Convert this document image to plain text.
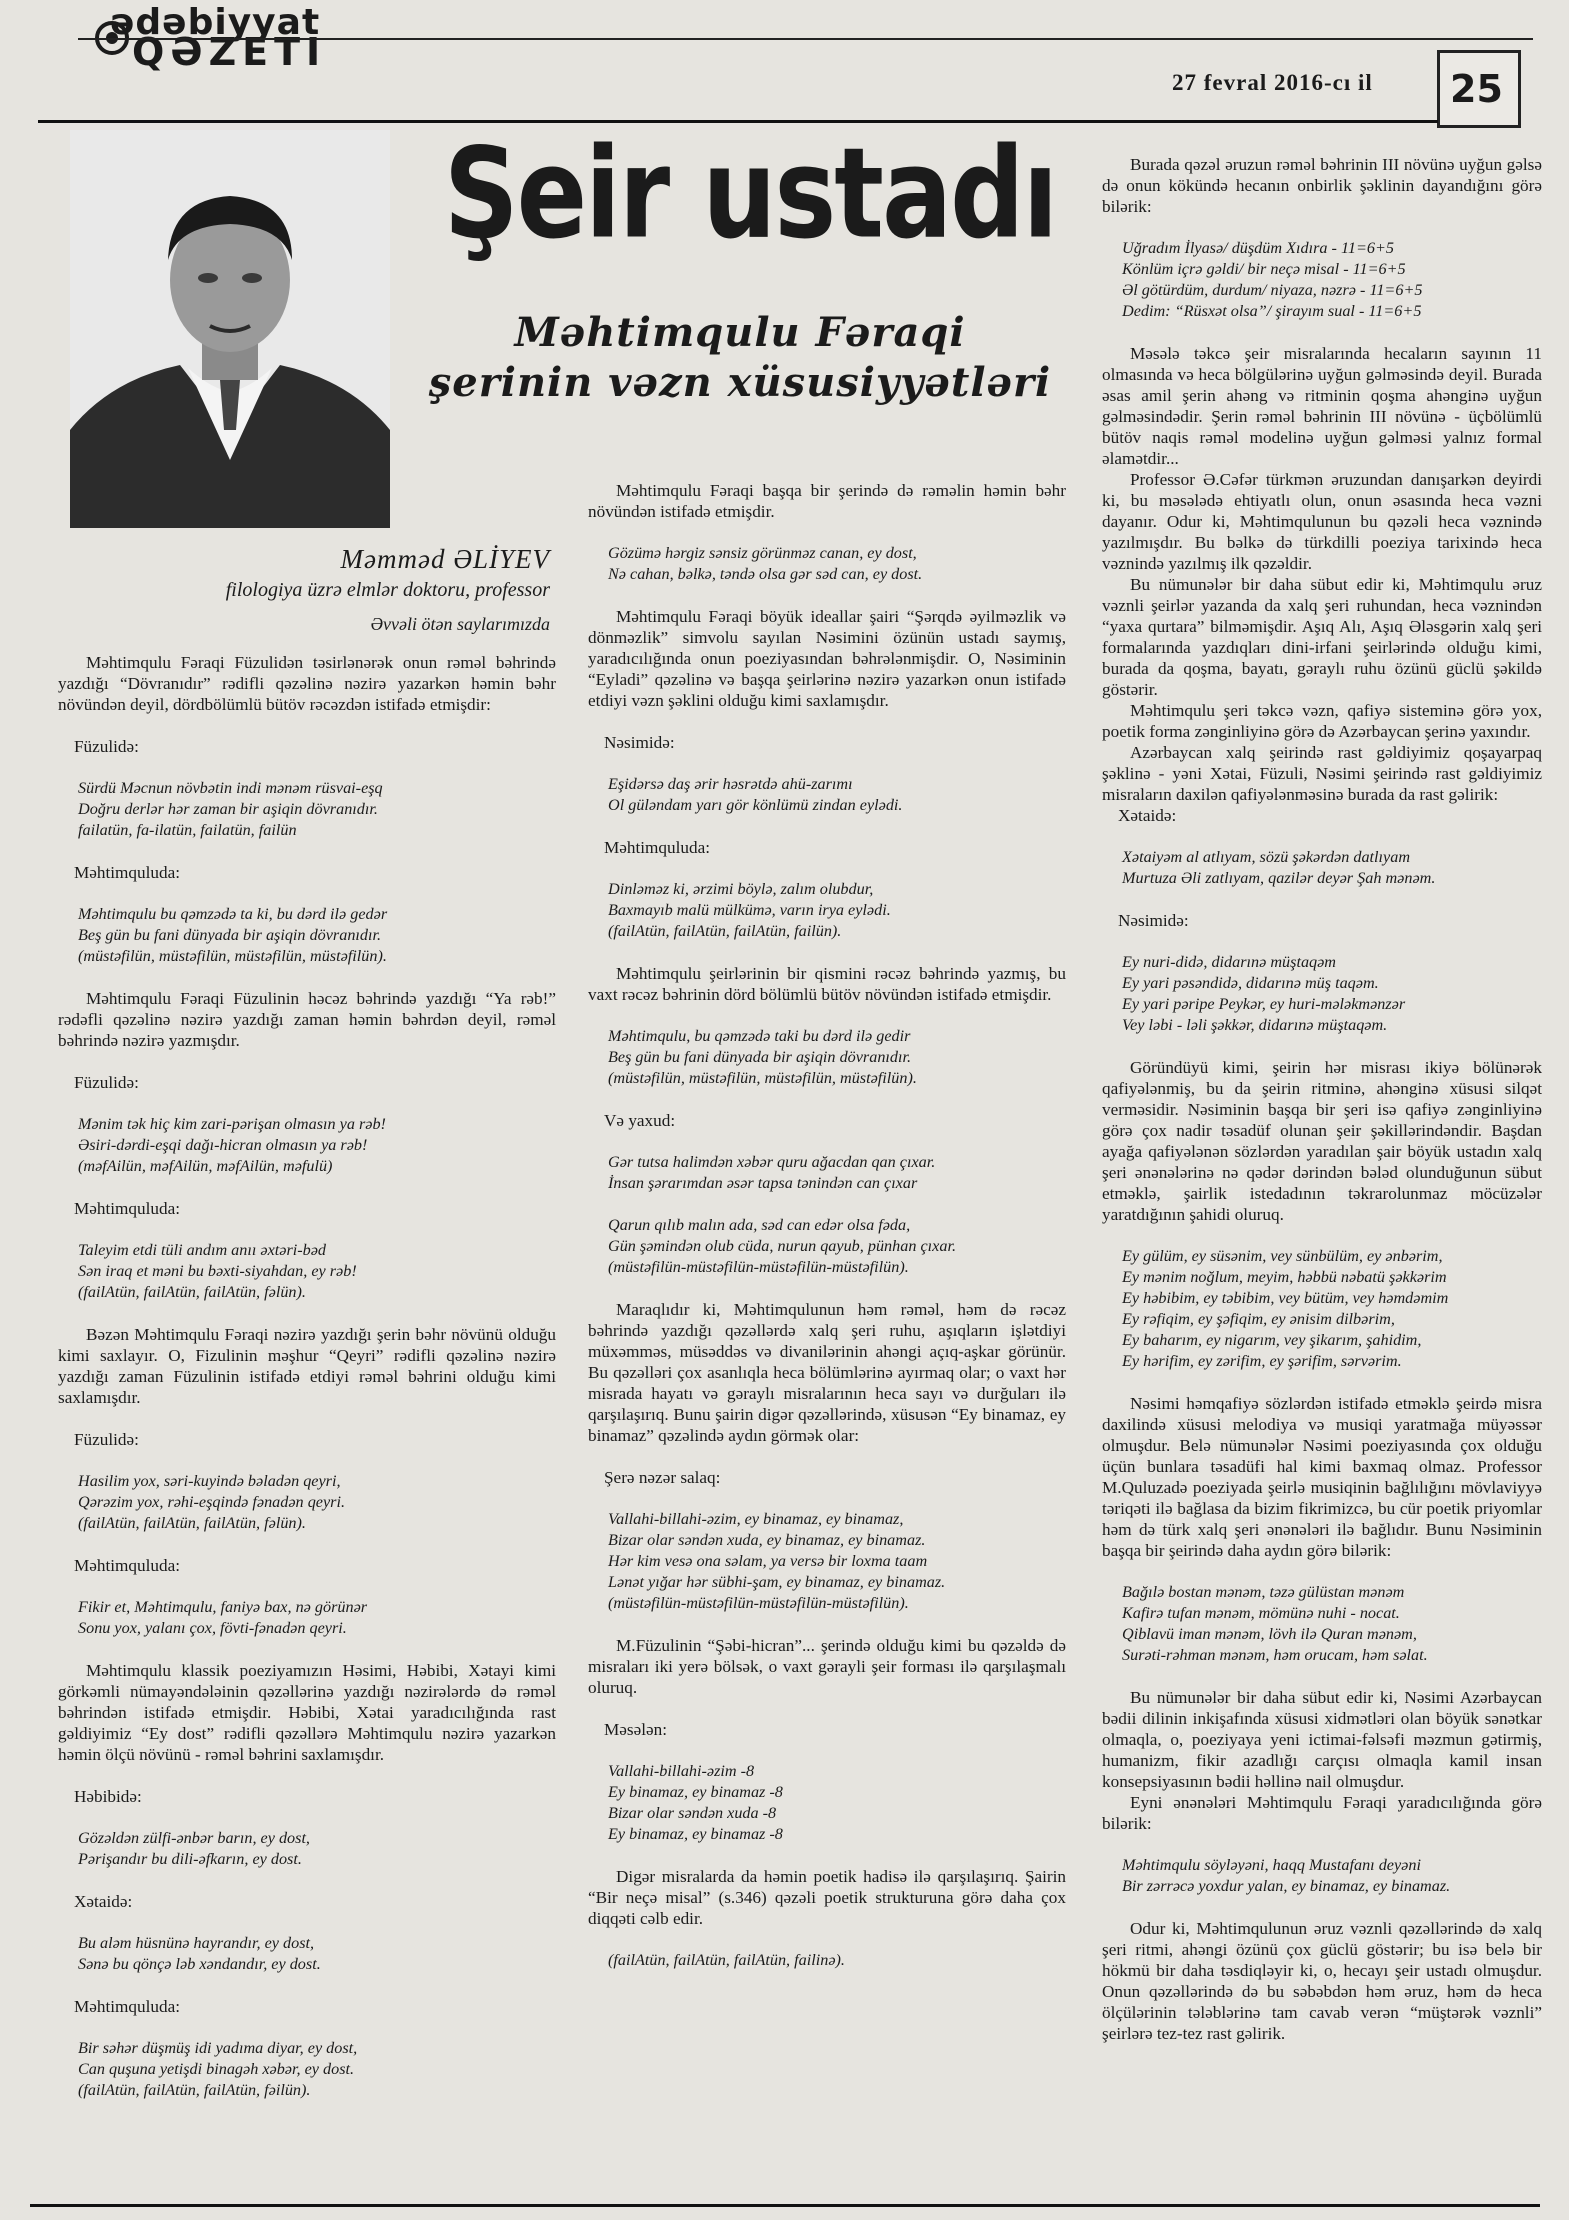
ədəbiyyat
QƏZETİ
27 fevral 2016-cı il 25
Şeir ustadı
Məhtimqulu Fəraqi
şerinin vəzn xüsusiyyətləri
Məmməd ƏLİYEV
filologiya üzrə elmlər doktoru, professor
Əvvəli ötən saylarımızda

Məhtimqulu Fəraqi Füzulidən təsirlənərək onun rəməl bəhrində yazdığı “Dövranıdır” rədifli qəzəlinə nəzirə yazarkən həmin bəhr növündən deyil, dördbölümlü bütöv rəcəzdən istifadə etmişdir:

Füzulidə:
Sürdü Məcnun növbətin indi mənəm rüsvai-eşq
Doğru derlər hər zaman bir aşiqin dövranıdır.
failatün, fa-ilatün, failatün, failün
Məhtimquluda:
Məhtimqulu bu qəmzədə ta ki, bu dərd ilə gedər
Beş gün bu fani dünyada bir aşiqin dövranıdır.
(müstəfilün, müstəfilün, müstəfilün, müstəfilün).

Məhtimqulu Fəraqi Füzulinin həcəz bəhrində yazdığı “Ya rəb!” rədəfli qəzəlinə nəzirə yazdığı zaman həmin bəhrdən deyil, rəməl bəhrində nəzirə yazmışdır.

Füzulidə:
Mənim tək hiç kim zari-pərişan olmasın ya rəb!
Əsiri-dərdi-eşqi dağı-hicran olmasın ya rəb!
(məfAilün, məfAilün, məfAilün, məfulü)
Məhtimquluda:
Taleyim etdi tüli andım anıı əxtəri-bəd
Sən iraq et məni bu bəxti-siyahdan, ey rəb!
(failAtün, failAtün, failAtün, fəlün).

Bəzən Məhtimqulu Fəraqi nəzirə yazdığı şerin bəhr növünü olduğu kimi saxlayır. O, Fizulinin məşhur “Qeyri” rədifli qəzəlinə nəzirə yazdığı zaman Füzulinin istifadə etdiyi rəməl bəhrini olduğu kimi saxlamışdır.

Füzulidə:
Hasilim yox, səri-kuyində bəladən qeyri,
Qərəzim yox, rəhi-eşqində fənadən qeyri.
(failAtün, failAtün, failAtün, fəlün).
Məhtimquluda:
Fikir et, Məhtimqulu, faniyə bax, nə görünər
Sonu yox, yalanı çox, fövti-fənadən qeyri.

Məhtimqulu klassik poeziyamızın Həsimi, Həbibi, Xətayi kimi görkəmli nümayəndələinin qəzəllərinə yazdığı nəzirələrdə də rəməl bəhrindən istifadə etmişdir. Həbibi, Xətai yaradıcılığında rast gəldiyimiz “Ey dost” rədifli qəzəllərə Məhtimqulu nəzirə yazarkən həmin ölçü növünü - rəməl bəhrini saxlamışdır.

Həbibidə:
Gözəldən zülfi-ənbər barın, ey dost,
Pərişandır bu dili-əfkarın, ey dost.
Xətaidə:
Bu aləm hüsnünə hayrandır, ey dost,
Sənə bu qönçə ləb xəndandır, ey dost.
Məhtimquluda:
Bir səhər düşmüş idi yadıma diyar, ey dost,
Can quşuna yetişdi binagəh xəbər, ey dost.
(failAtün, failAtün, failAtün, fəilün).

Məhtimqulu Fəraqi başqa bir şerində də rəməlin həmin bəhr növündən istifadə etmişdir.

Gözümə hərgiz sənsiz görünməz canan, ey dost,
Nə cahan, bəlkə, təndə olsa gər səd can, ey dost.

Məhtimqulu Fəraqi böyük ideallar şairi “Şərqdə əyilməzlik və dönməzlik” simvolu sayılan Nəsimini özünün ustadı saymış, yaradıcılığında onun poeziyasından bəhrələnmişdir. O, Nəsiminin “Eyladi” qəzəlinə və başqa şeirlərinə nəzirə yazarkən onun istifadə etdiyi vəzn şəklini olduğu kimi saxlamışdır.

Nəsimidə:
Eşidərsə daş ərir həsrətdə ahü-zarımı
Ol güləndam yarı gör könlümü zindan eylədi.
Məhtimquluda:
Dinləməz ki, ərzimi böylə, zalım olubdur,
Baxmayıb malü mülkümə, varın irya eylədi.
(failAtün, failAtün, failAtün, failün).

Məhtimqulu şeirlərinin bir qismini rəcəz bəhrində yazmış, bu vaxt rəcəz bəhrinin dörd bölümlü bütöv növündən istifadə etmişdir.

Məhtimqulu, bu qəmzədə taki bu dərd ilə gedir
Beş gün bu fani dünyada bir aşiqin dövranıdır.
(müstəfilün, müstəfilün, müstəfilün, müstəfilün).
Və yaxud:
Gər tutsa halimdən xəbər quru ağacdan qan çıxar.
İnsan şərarımdan əsər tapsa tənindən can çıxar
Qarun qılıb malın ada, səd can edər olsa fəda,
Gün şəmindən olub cüda, nurun qayub, pünhan çıxar.
(müstəfilün-müstəfilün-müstəfilün-müstəfilün).

Maraqlıdır ki, Məhtimqulunun həm rəməl, həm də rəcəz bəhrində yazdığı qəzəllərdə xalq şeri ruhu, aşıqların işlətdiyi müxəmməs, müsəddəs və divanilərinin ahəngi açıq-aşkar görünür. Bu qəzəlləri çox asanlıqla heca bölümlərinə ayırmaq olar; o vaxt hər misrada hayatı və gəraylı misralarının heca sayı və durğuları ilə qarşılaşırıq. Bunu şairin digər qəzəllərində, xüsusən “Ey binamaz, ey binamaz” qəzəlində aydın görmək olar:

Şerə nəzər salaq:
Vallahi-billahi-əzim, ey binamaz, ey binamaz,
Bizar olar səndən xuda, ey binamaz, ey binamaz.
Hər kim vesə ona səlam, ya versə bir loxma taam
Lənət yığar hər sübhi-şam, ey binamaz, ey binamaz.
(müstəfilün-müstəfilün-müstəfilün-müstəfilün).

M.Füzulinin “Şəbi-hicran”... şerində olduğu kimi bu qəzəldə də misraları iki yerə bölsək, o vaxt gərayli şeir forması ilə qarşılaşmalı oluruq.

Məsələn:
Vallahi-billahi-əzim -8
Ey binamaz, ey binamaz -8
Bizar olar səndən xuda -8
Ey binamaz, ey binamaz -8

Digər misralarda da həmin poetik hadisə ilə qarşılaşırıq. Şairin “Bir neçə misal” (s.346) qəzəli poetik strukturuna görə daha çox diqqəti cəlb edir.

(failAtün, failAtün, failAtün, failinə).

Burada qəzəl əruzun rəməl bəhrinin III növünə uyğun gəlsə də onun kökündə hecanın onbirlik şəklinin dayandığını görə bilərik:

Uğradım İlyasə/ düşdüm Xıdıra - 11=6+5
Könlüm içrə gəldi/ bir neçə misal - 11=6+5
Əl götürdüm, durdum/ niyaza, nəzrə - 11=6+5
Dedim: “Rüsxət olsa”/ şirayım sual - 11=6+5

Məsələ təkcə şeir misralarında hecaların sayının 11 olmasında və heca bölgülərinə uyğun gəlməsində deyil. Burada əsas amil şerin ahəng və ritminin qoşma ahənginə uyğun gəlməsindədir. Şerin rəməl bəhrinin III növünə - üçbölümlü bütöv naqis rəməl modelinə uyğun gəlməsi yalnız formal əlamətdir...

Professor Ə.Cəfər türkmən əruzundan danışarkən deyirdi ki, bu məsələdə ehtiyatlı olun, onun əsasında heca vəzni dayanır. Odur ki, Məhtimqulunun bu qəzəli heca vəznində yazılmışdır. Bu bəlkə də türkdilli poeziya tarixində heca vəznində yazılmış ilk qəzəldir.

Bu nümunələr bir daha sübut edir ki, Məhtimqulu əruz vəznli şeirlər yazanda da xalq şeri ruhundan, heca vəznindən “yaxa qurtara” bilməmişdir. Aşıq Alı, Aşıq Ələsgərin xalq şeri formalarında yazdıqları dini-irfani şeirlərində olduğu kimi, burada da qoşma, bayatı, gəraylı ruhu özünü güclü şəkildə göstərir.

Məhtimqulu şeri təkcə vəzn, qafiyə sisteminə görə yox, poetik forma zənginliyinə görə də Azərbaycan şerinə yaxındır.

Azərbaycan xalq şeirində rast gəldiyimiz qoşayarpaq şəklinə - yəni Xətai, Füzuli, Nəsimi şeirində rast gəldiyimiz misraların daxilən qafiyələnməsinə burada da rast gəlirik:

Xətaidə:
Xətaiyəm al atlıyam, sözü şəkərdən datlıyam
Murtuza Əli zatlıyam, qazilər deyər Şah mənəm.
Nəsimidə:
Ey nuri-didə, didarınə müştaqəm
Ey yari pəsəndidə, didarınə müş taqəm.
Ey yari pəripe Peykər, ey huri-mələkmənzər
Vey ləbi - ləli şəkkər, didarınə müştaqəm.

Göründüyü kimi, şeirin hər misrası ikiyə bölünərək qafiyələnmiş, bu da şeirin ritminə, ahənginə xüsusi silqət verməsidir. Nəsiminin başqa bir şeri isə qafiyə zənginliyinə görə çox nadir təsadüf olunan şeir şəkillərindəndir. Başdan ayağa qafiyələnən sözlərdən yaradılan şair böyük ustadın xalq şeri ənənələrinə nə qədər dərindən bələd olunduğunun sübut etməklə, şairlik istedadının təkrarolunmaz möcüzələr yaratdığının şahidi oluruq.

Ey gülüm, ey süsənim, vey sünbülüm, ey ənbərim,
Ey mənim noğlum, meyim, həbbü nəbatü şəkkərim
Ey həbibim, ey təbibim, vey bütüm, vey həmdəmim
Ey rəfiqim, ey şəfiqim, ey ənisim dilbərim,
Ey baharım, ey nigarım, vey şikarım, şahidim,
Ey hərifim, ey zərifim, ey şərifim, sərvərim.

Nəsimi həmqafiyə sözlərdən istifadə etməklə şeirdə misra daxilində xüsusi melodiya və musiqi yaratmağa müyəssər olmuşdur. Belə nümunələr Nəsimi poeziyasında çox olduğu üçün bunlara təsadüfi hal kimi baxmaq olmaz. Professor M.Quluzadə poeziyada şeirlə musiqinin bağlılığını mövlaviyyə təriqəti ilə bağlasa da bizim fikrimizcə, bu cür poetik priyomlar həm də türk xalq şeri ənənələri ilə bağlıdır. Bunu Nəsiminin başqa bir şeirində daha aydın görə bilərik:

Bağılə bostan mənəm, təzə gülüstan mənəm
Kafirə tufan mənəm, mömünə nuhi - nocat.
Qiblavü iman mənəm, lövh ilə Quran mənəm,
Surəti-rəhman mənəm, həm orucam, həm səlat.

Bu nümunələr bir daha sübut edir ki, Nəsimi Azərbaycan bədii dilinin inkişafında xüsusi xidmətləri olan böyük sənətkar olmaqla, o, poeziyaya yeni ictimai-fəlsəfi məzmun gətirmiş, humanizm, fikir azadlığı carçısı olmaqla kamil insan konsepsiyasının bədii həllinə nail olmuşdur.

Eyni ənənələri Məhtimqulu Fəraqi yaradıcılığında görə bilərik:

Məhtimqulu söyləyəni, haqq Mustafanı deyəni
Bir zərrəcə yoxdur yalan, ey binamaz, ey binamaz.

Odur ki, Məhtimqulunun əruz vəznli qəzəllərində də xalq şeri ritmi, ahəngi özünü çox güclü göstərir; bu isə belə bir hökmü bir daha təsdiqləyir ki, o, hecayı şeir ustadı olmuşdur. Onun qəzəllərində də bu səbəbdən həm əruz, həm də heca ölçülərinin tələblərinə tam cavab verən “müştərək vəznli” şeirlərə tez-tez rast gəlirik.
